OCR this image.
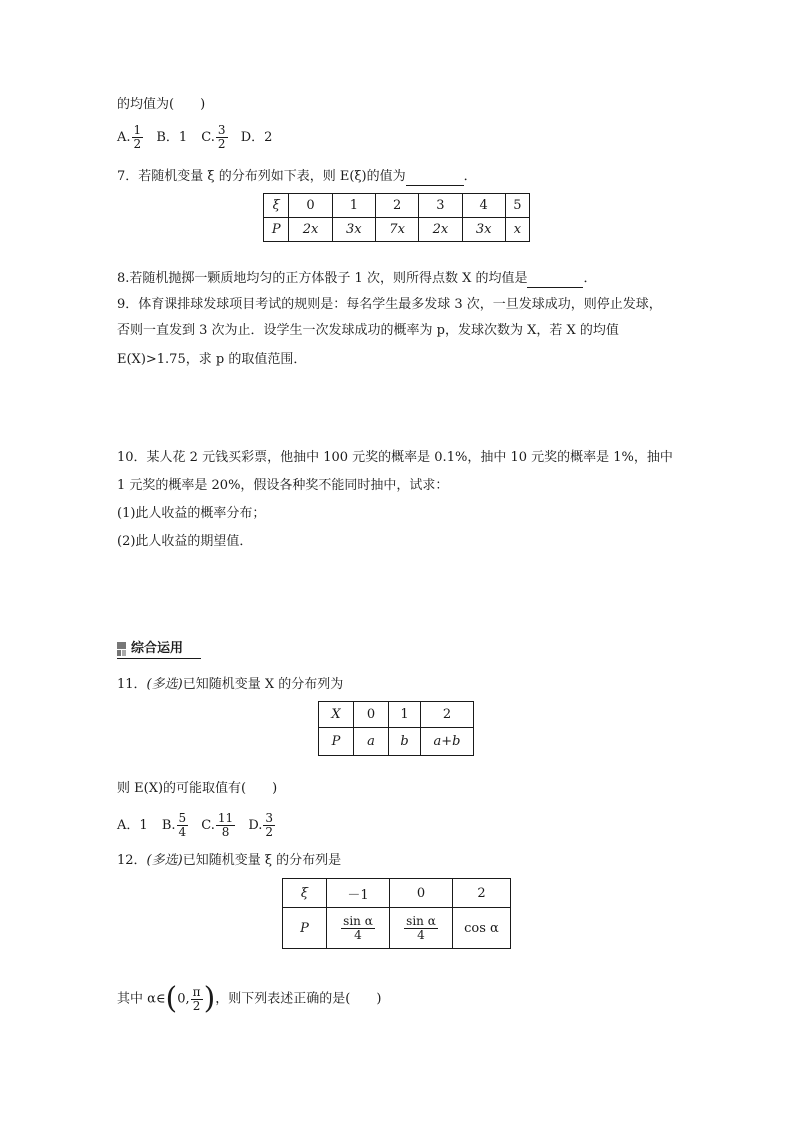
的均值为(　　)
A. $\frac{1}{2}$ B．1 C. $\frac{3}{2}$ D．2
7．若随机变量 ξ 的分布列如下表，则 E(ξ)的值为	．
ξ	0	1	2	3	4	5
P	2x	3x	7x	2x	3x	x
8.若随机抛掷一颗质地均匀的正方体骰子 1 次，则所得点数 X 的均值是	．
9．体育课排球发球项目考试的规则是：每名学生最多发球 3 次，一旦发球成功，则停止发球，
否则一直发到 3 次为止．设学生一次发球成功的概率为 p，发球次数为 X，若 X 的均值
E(X)>1.75，求 p 的取值范围．
10．某人花 2 元钱买彩票，他抽中 100 元奖的概率是 0.1%，抽中 10 元奖的概率是 1%，抽中
1 元奖的概率是 20%，假设各种奖不能同时抽中，试求：
(1)此人收益的概率分布；
(2)此人收益的期望值．
综合运用
11．(多选)已知随机变量 X 的分布列为
X	0	1	2
P	a	b	a+b
则 E(X)的可能取值有(　　)
A．1 B. $\frac{5}{4} C$. $\frac{11}{8} D$. $\frac{3}{2}$
12．(多选)已知随机变量 ξ 的分布列是
ξ	－1	0	2
P	$\frac{\text{sin α}}{4}$	$\frac{\text{sin α}}{4}$	cos α
其中 α∈(0, $\frac{\pi}{2}$ )，则下列表述正确的是(　　)
